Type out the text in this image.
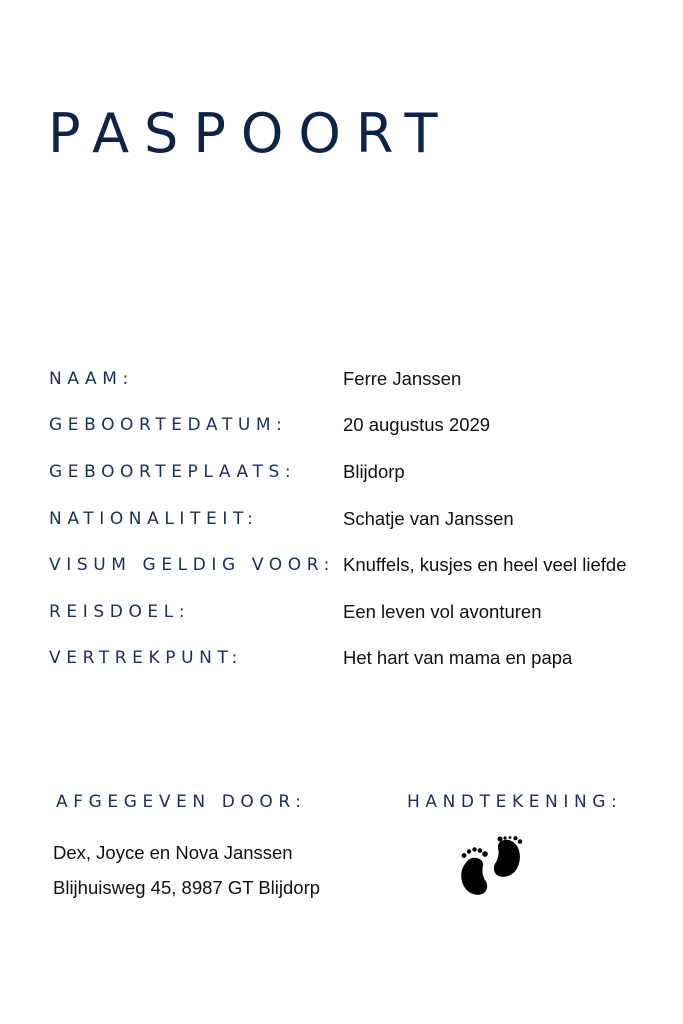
PASPOORT
NAAM:	Ferre Janssen
GEBOORTEDATUM:	20 augustus 2029
GEBOORTEPLAATS:	Blijdorp
NATIONALITEIT:	Schatje van Janssen
VISUM GELDIG VOOR: Knuffels, kusjes en heel veel liefde
REISDOEL:	Een leven vol avonturen
VERTREKPUNT:	Het hart van mama en papa
AFGEGEVEN DOOR:
Dex, Joyce en Nova Janssen
Blijhuisweg 45, 8987 GT Blijdorp
HANDTEKENING:
